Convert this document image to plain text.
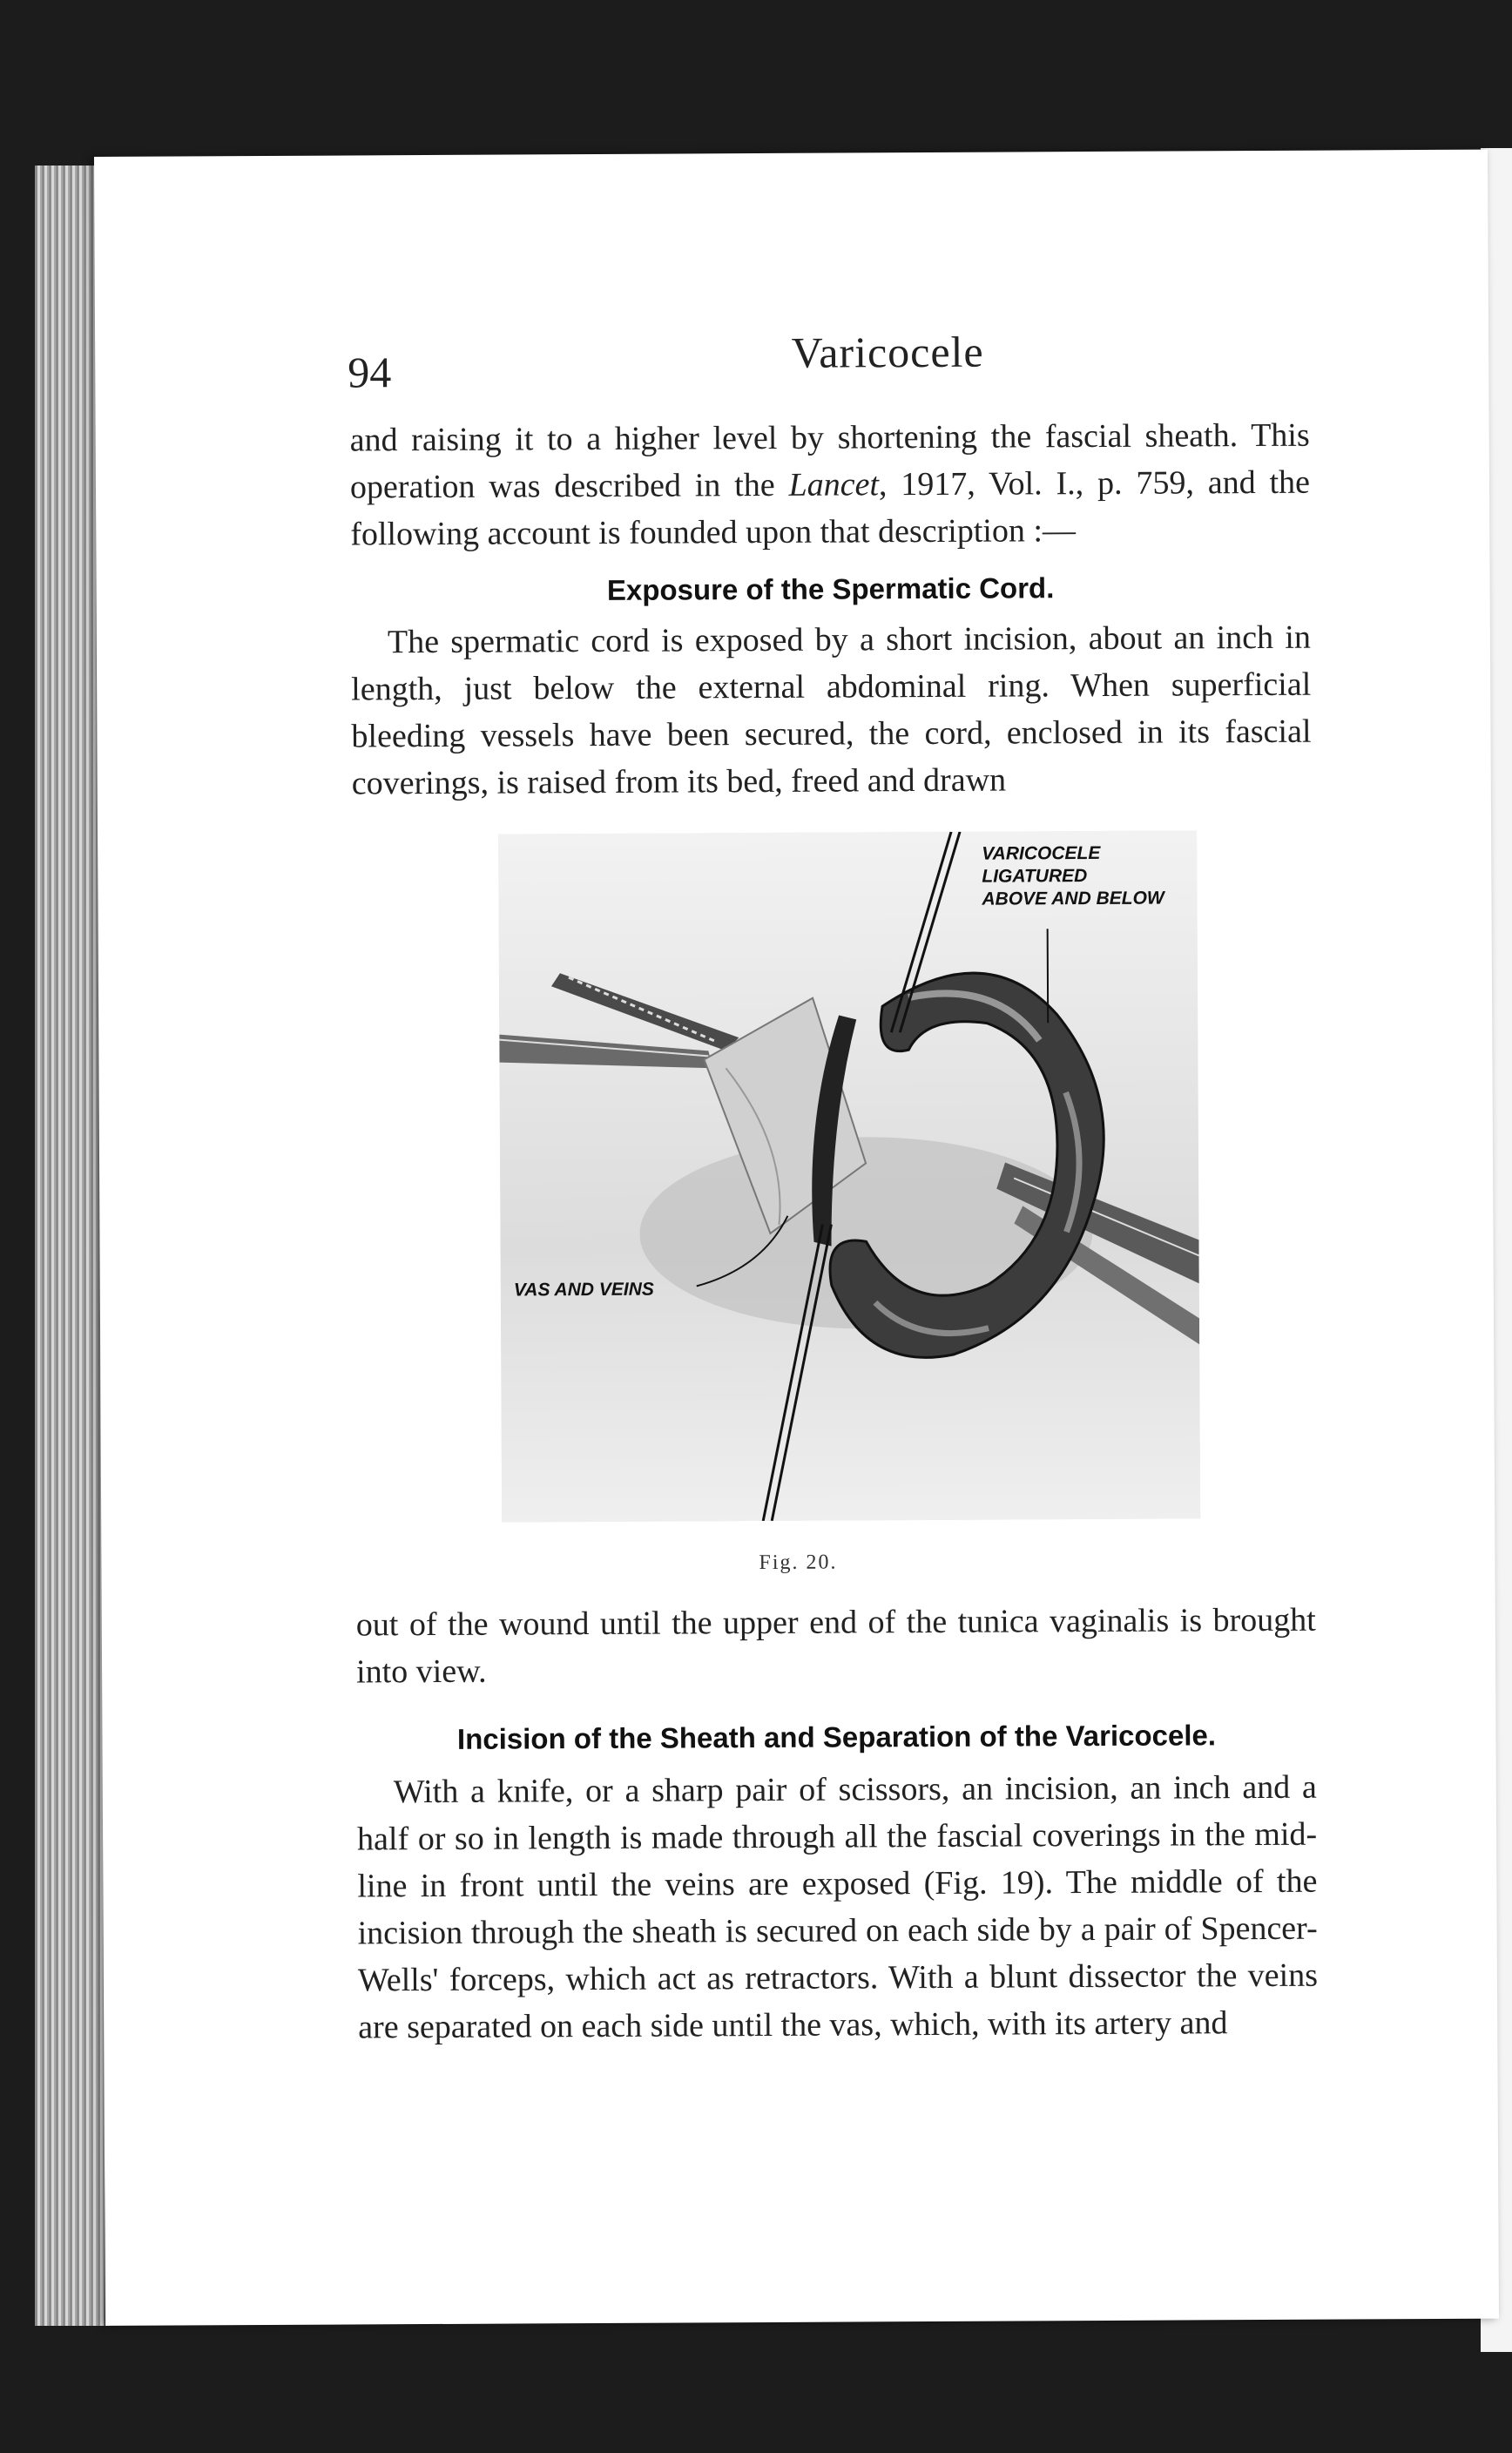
94	Varicocele

and raising it to a higher level by shortening the fascial sheath. This operation was described in the Lancet, 1917, Vol. I., p. 759, and the following account is founded upon that description :—

Exposure of the Spermatic Cord.

The spermatic cord is exposed by a short incision, about an inch in length, just below the external abdominal ring. When superficial bleeding vessels have been secured, the cord, enclosed in its fascial coverings, is raised from its bed, freed and drawn

VARICOCELE
LIGATURED
ABOVE AND BELOW
VAS AND VEINS
Fig. 20.

out of the wound until the upper end of the tunica vaginalis is brought into view.

Incision of the Sheath and Separation of the Varicocele.

With a knife, or a sharp pair of scissors, an incision, an inch and a half or so in length is made through all the fascial coverings in the mid-line in front until the veins are exposed (Fig. 19). The middle of the incision through the sheath is secured on each side by a pair of Spencer-Wells' forceps, which act as retractors. With a blunt dissector the veins are separated on each side until the vas, which, with its artery and
